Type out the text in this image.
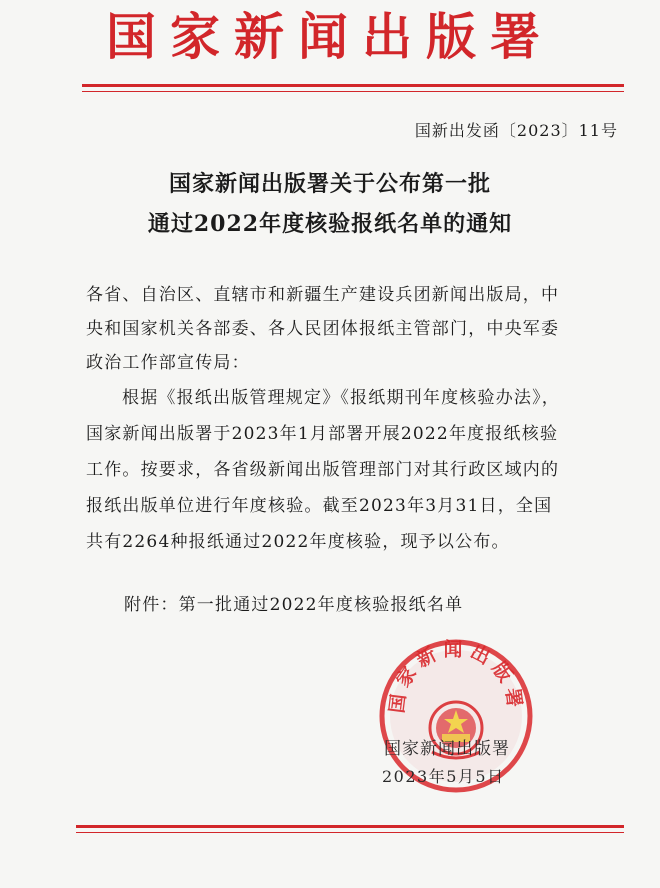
国家新闻出版署
国新出发函〔2023〕11号
国家新闻出版署关于公布第一批
通过2022年度核验报纸名单的通知
各省、自治区、直辖市和新疆生产建设兵团新闻出版局，中
央和国家机关各部委、各人民团体报纸主管部门，中央军委
政治工作部宣传局：
根据《报纸出版管理规定》《报纸期刊年度核验办法》，
国家新闻出版署于2023年1月部署开展2022年度报纸核验
工作。按要求，各省级新闻出版管理部门对其行政区域内的
报纸出版单位进行年度核验。截至2023年3月31日，全国
共有2264种报纸通过2022年度核验，现予以公布。
附件：第一批通过2022年度核验报纸名单
国家新闻出版署
国家新闻出版署
2023年5月5日
